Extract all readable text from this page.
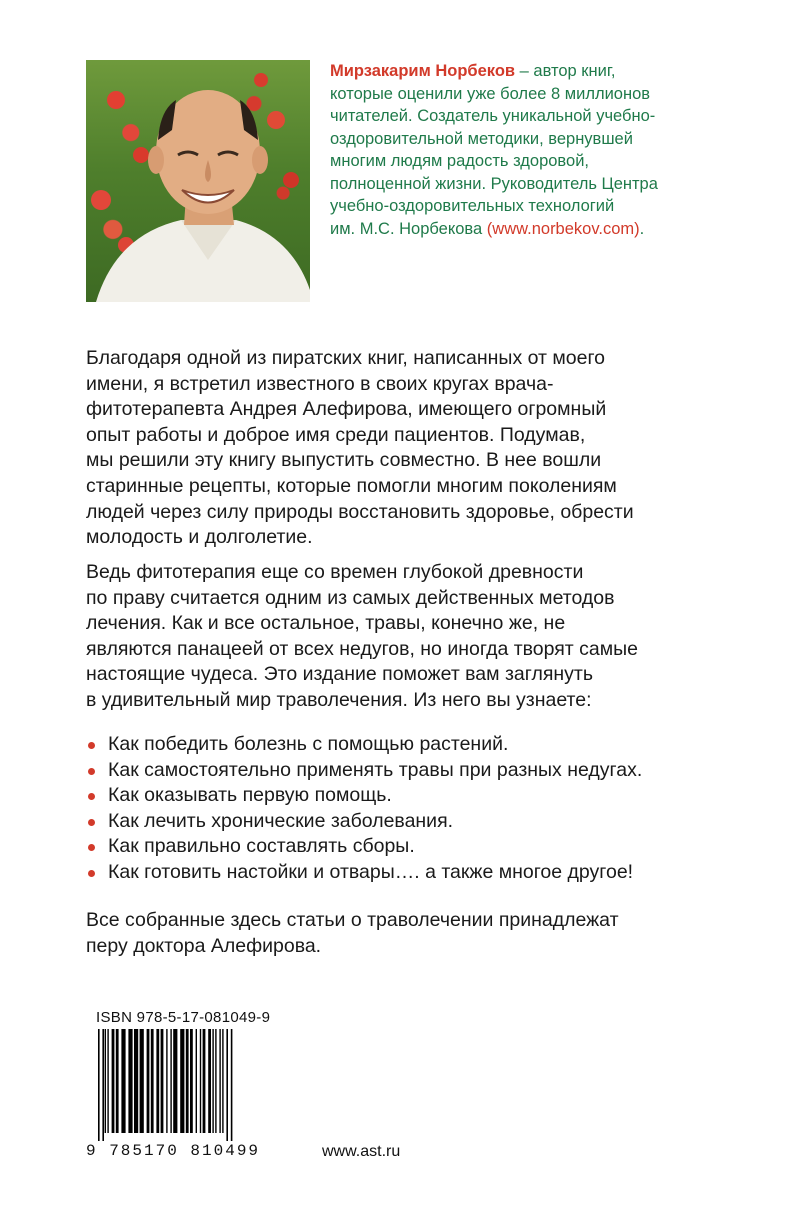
Мирзакарим Норбеков – автор книг,
которые оценили уже более 8 миллионов
читателей. Создатель уникальной учебно-
оздоровительной методики, вернувшей
многим людям радость здоровой,
полноценной жизни. Руководитель Центра
учебно-оздоровительных технологий
им. М.С. Норбекова (www.norbekov.com).
Благодаря одной из пиратских книг, написанных от моего
имени, я встретил известного в своих кругах врача-
фитотерапевта Андрея Алефирова, имеющего огромный
опыт работы и доброе имя среди пациентов. Подумав,
мы решили эту книгу выпустить совместно. В нее вошли
старинные рецепты, которые помогли многим поколениям
людей через силу природы восстановить здоровье, обрести
молодость и долголетие.
Ведь фитотерапия еще со времен глубокой древности
по праву считается одним из самых действенных методов
лечения. Как и все остальное, травы, конечно же, не
являются панацеей от всех недугов, но иногда творят самые
настоящие чудеса. Это издание поможет вам заглянуть
в удивительный мир траволечения. Из него вы узнаете:
Как победить болезнь с помощью растений.
Как самостоятельно применять травы при разных недугах.
Как оказывать первую помощь.
Как лечить хронические заболевания.
Как правильно составлять сборы.
Как готовить настойки и отвары…. а также многое другое!
Все собранные здесь статьи о траволечении принадлежат
перу доктора Алефирова.
ISBN 978-5-17-081049-9
9 785170 810499	www.ast.ru
